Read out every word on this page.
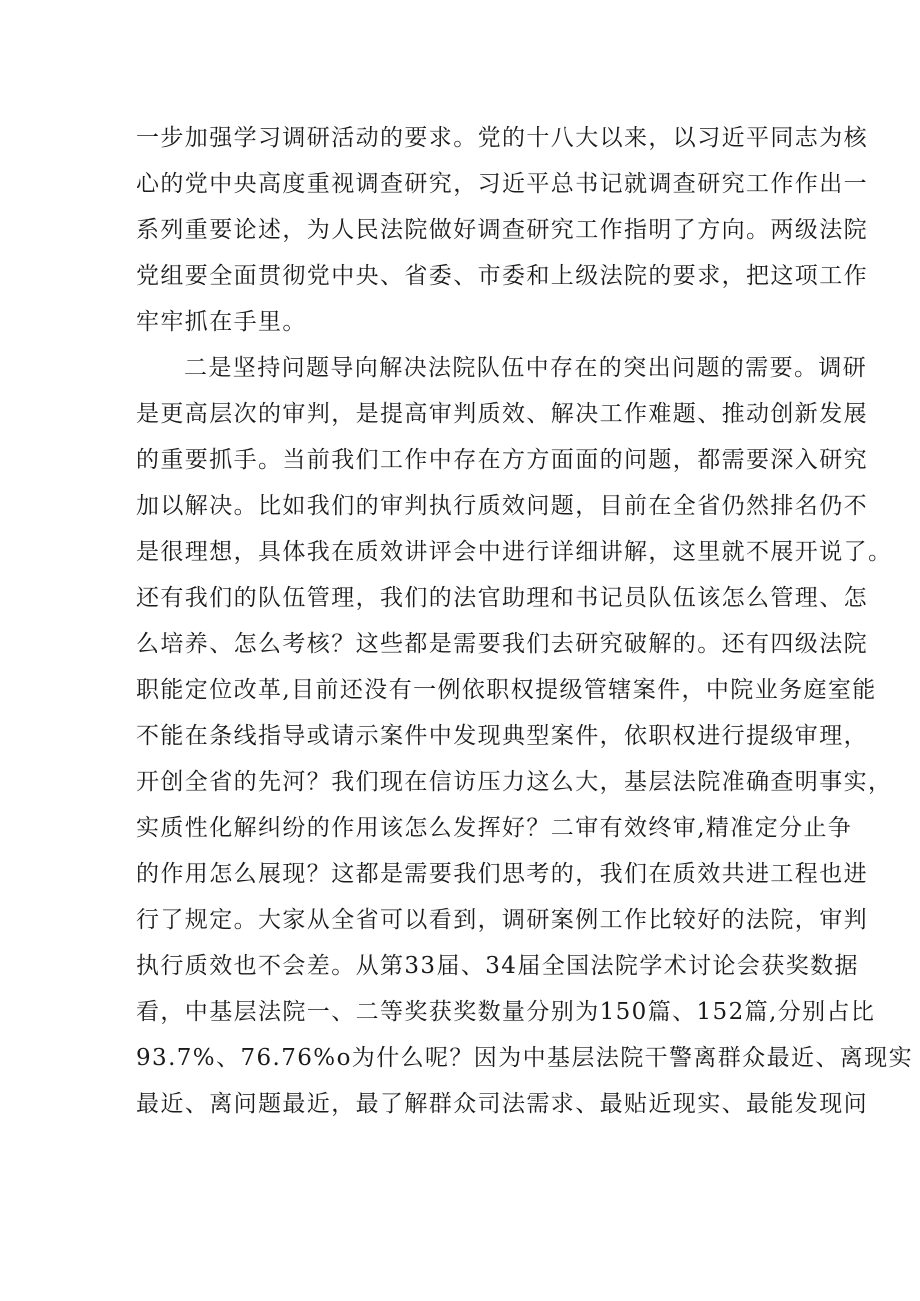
一步加强学习调研活动的要求。党的十八大以来，以习近平同志为核
心的党中央高度重视调查研究，习近平总书记就调查研究工作作出一
系列重要论述，为人民法院做好调查研究工作指明了方向。两级法院
党组要全面贯彻党中央、省委、市委和上级法院的要求，把这项工作
牢牢抓在手里。
二是坚持问题导向解决法院队伍中存在的突出问题的需要。调研
是更高层次的审判，是提高审判质效、解决工作难题、推动创新发展
的重要抓手。当前我们工作中存在方方面面的问题，都需要深入研究
加以解决。比如我们的审判执行质效问题，目前在全省仍然排名仍不
是很理想，具体我在质效讲评会中进行详细讲解，这里就不展开说了。
还有我们的队伍管理，我们的法官助理和书记员队伍该怎么管理、怎
么培养、怎么考核？这些都是需要我们去研究破解的。还有四级法院
职能定位改革,目前还没有一例依职权提级管辖案件，中院业务庭室能
不能在条线指导或请示案件中发现典型案件，依职权进行提级审理，
开创全省的先河？我们现在信访压力这么大，基层法院准确查明事实，
实质性化解纠纷的作用该怎么发挥好？二审有效终审,精准定分止争
的作用怎么展现？这都是需要我们思考的，我们在质效共进工程也进
行了规定。大家从全省可以看到，调研案例工作比较好的法院，审判
执行质效也不会差。从第33届、34届全国法院学术讨论会获奖数据
看，中基层法院一、二等奖获奖数量分别为150篇、152篇,分别占比
93.7%、76.76%o为什么呢？因为中基层法院干警离群众最近、离现实
最近、离问题最近，最了解群众司法需求、最贴近现实、最能发现问
